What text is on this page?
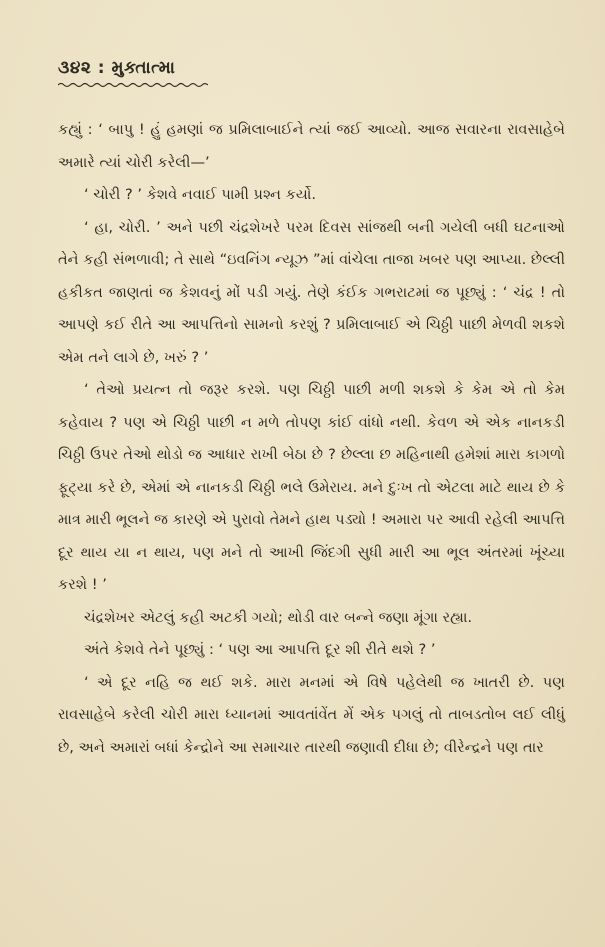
૩૪૨ : મુક્તાત્મા

કહ્યું : ‘ બાપુ ! હું હમણાં જ પ્રમિલાબાઈને ત્યાં જઈ આવ્યો. આજ સવારના રાવસાહેબે અમારે ત્યાં ચોરી કરેલી—’

‘ ચોરી ? ’ કેશવે નવાઈ પામી પ્રશ્ન કર્યો.

‘ હા, ચોરી. ’ અને પછી ચંદ્રશેખરે પરમ દિવસ સાંજથી બની ગયેલી બધી ઘટનાઓ તેને કહી સંભળાવી; તે સાથે “ઇવનિંગ ન્યૂઝ ”માં વાંચેલા તાજા ખબર પણ આપ્યા. છેલ્લી હકીકત જાણતાં જ કેશવનું મોં પડી ગયું. તેણે કંઈક ગભરાટમાં જ પૂછ્યું : ‘ ચંદ્ર ! તો આપણે કઈ રીતે આ આપત્તિનો સામનો કરશું ? પ્રમિલાબાઈ એ ચિઠ્ઠી પાછી મેળવી શકશે એમ તને લાગે છે, ખરું ? ’

‘ તેઓ પ્રયત્ન તો જરૂર કરશે. પણ ચિઠ્ઠી પાછી મળી શકશે કે કેમ એ તો કેમ કહેવાય ? પણ એ ચિઠ્ઠી પાછી ન મળે તોપણ કાંઈ વાંધો નથી. કેવળ એ એક નાનકડી ચિઠ્ઠી ઉપર તેઓ થોડો જ આધાર રાખી બેઠા છે ? છેલ્લા છ મહિનાથી હમેશાં મારા કાગળો ફૂટ્યા કરે છે, એમાં એ નાનકડી ચિઠ્ઠી ભલે ઉમેરાય. મને દુઃખ તો એટલા માટે થાય છે કે માત્ર મારી ભૂલને જ કારણે એ પુરાવો તેમને હાથ પડ્યો ! અમારા પર આવી રહેલી આપત્તિ દૂર થાય યા ન થાય, પણ મને તો આખી જિંદગી સુધી મારી આ ભૂલ અંતરમાં ખૂંચ્યા કરશે ! ’

ચંદ્રશેખર એટલું કહી અટકી ગયો; થોડી વાર બન્ને જણા મૂંગા રહ્યા.

અંતે કેશવે તેને પૂછ્યું : ‘ પણ આ આપત્તિ દૂર શી રીતે થશે ? ’

‘ એ દૂર નહિ જ થઈ શકે. મારા મનમાં એ વિષે પહેલેથી જ ખાતરી છે. પણ રાવસાહેબે કરેલી ચોરી મારા ધ્યાનમાં આવતાંવેંત મેં એક પગલું તો તાબડતોબ લઈ લીધું છે, અને અમારાં બધાં કેન્દ્રોને આ સમાચાર તારથી જણાવી દીધા છે; વીરેન્દ્રને પણ તાર
